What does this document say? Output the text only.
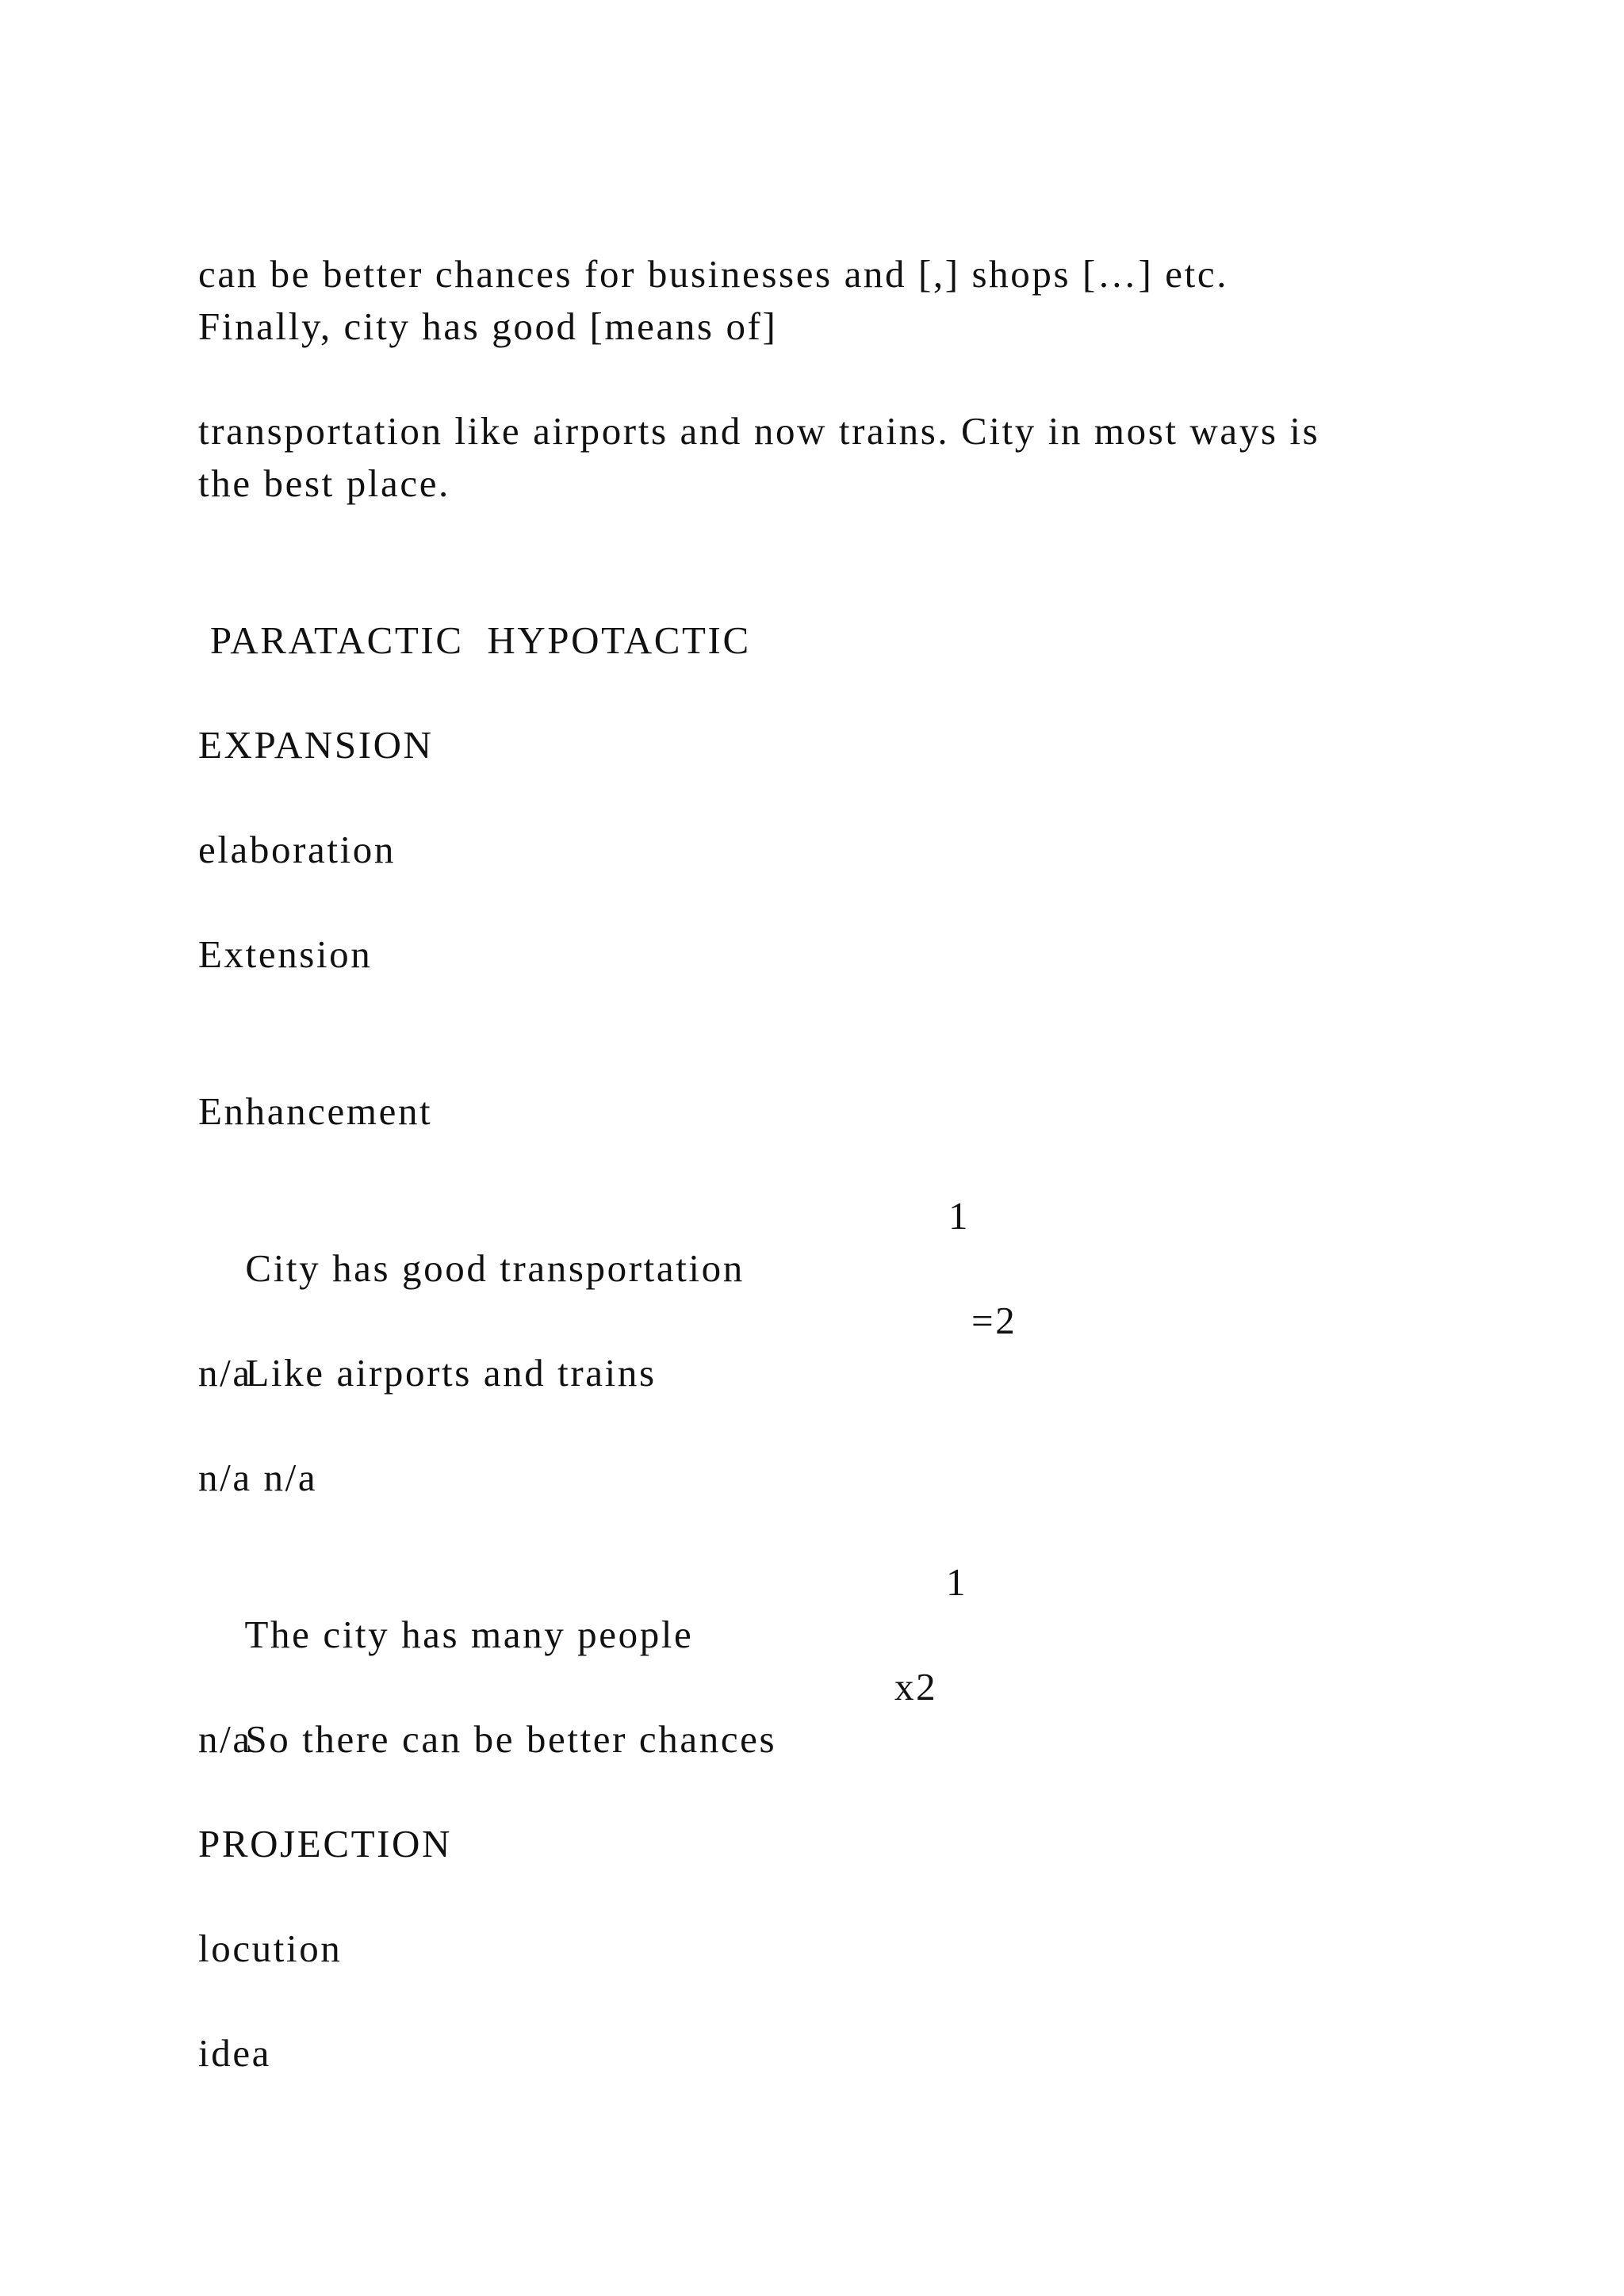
can be better chances for businesses and [,] shops […] etc.
Finally, city has good [means of]
transportation like airports and now trains. City in most ways is
the best place.
PARATACTIC  HYPOTACTIC
EXPANSION
elaboration
Extension
Enhancement

City has good transportation

1

Like airports and trains

=2
n/a
n/a n/a

The city has many people

1

So there can be better chances

x2
n/a
PROJECTION
locution
idea
